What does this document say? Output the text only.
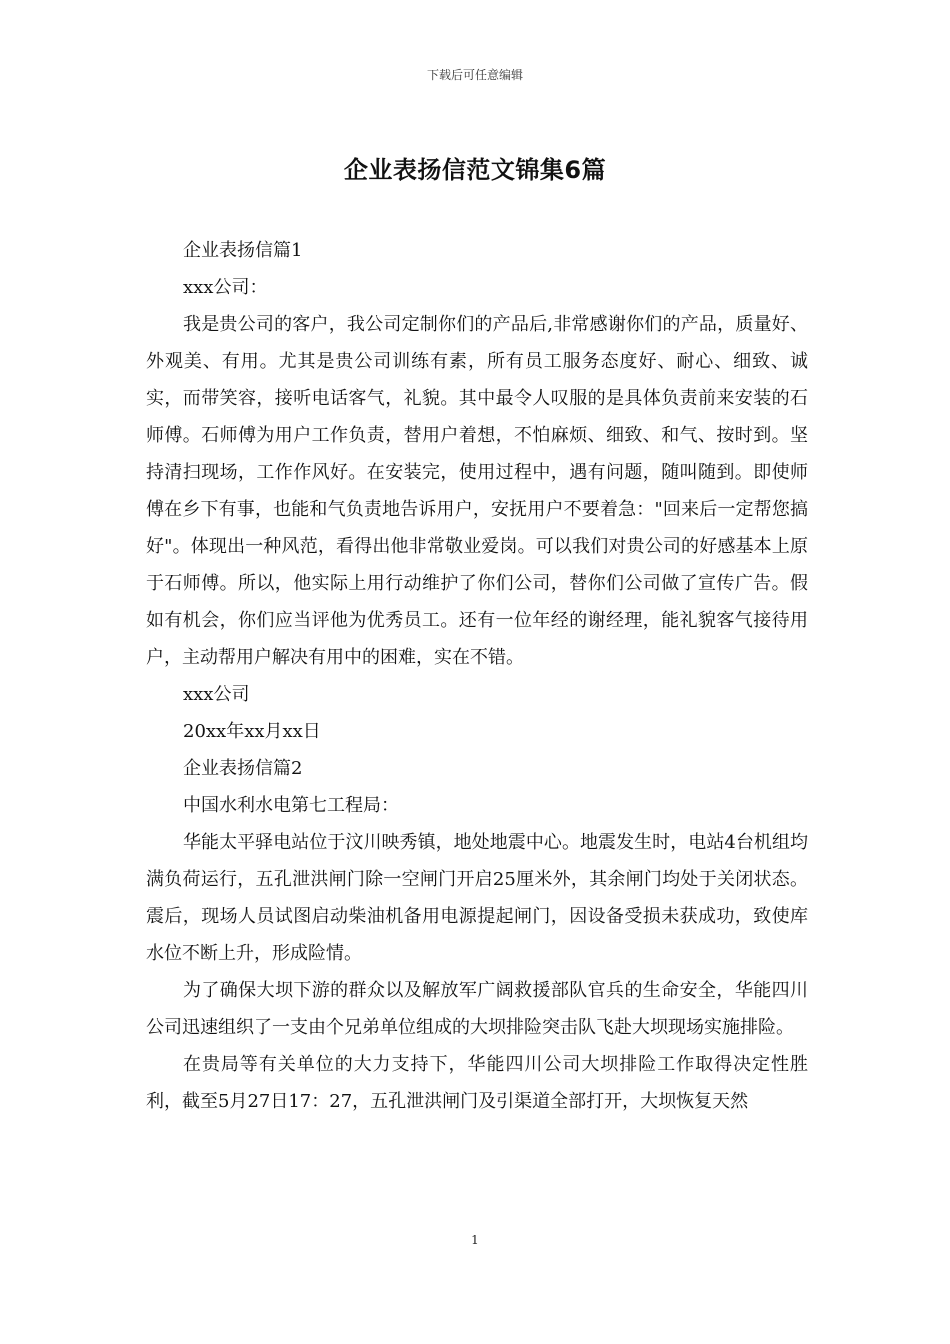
下载后可任意编辑
企业表扬信范文锦集6篇

企业表扬信篇1

xxx公司：

我是贵公司的客户，我公司定制你们的产品后,非常感谢你们的产品，质量好、外观美、有用。尤其是贵公司训练有素，所有员工服务态度好、耐心、细致、诚实，而带笑容，接听电话客气，礼貌。其中最令人叹服的是具体负责前来安装的石师傅。石师傅为用户工作负责，替用户着想，不怕麻烦、细致、和气、按时到。坚持清扫现场，工作作风好。在安装完，使用过程中，遇有问题，随叫随到。即使师傅在乡下有事，也能和气负责地告诉用户，安抚用户不要着急："回来后一定帮您搞好"。体现出一种风范，看得出他非常敬业爱岗。可以我们对贵公司的好感基本上原于石师傅。所以，他实际上用行动维护了你们公司，替你们公司做了宣传广告。假如有机会，你们应当评他为优秀员工。还有一位年经的谢经理，能礼貌客气接待用户，主动帮用户解决有用中的困难，实在不错。

xxx公司

20xx年xx月xx日

企业表扬信篇2

中国水利水电第七工程局：

华能太平驿电站位于汶川映秀镇，地处地震中心。地震发生时，电站4台机组均满负荷运行，五孔泄洪闸门除一空闸门开启25厘米外，其余闸门均处于关闭状态。震后，现场人员试图启动柴油机备用电源提起闸门，因设备受损未获成功，致使库水位不断上升，形成险情。

为了确保大坝下游的群众以及解放军广阔救援部队官兵的生命安全，华能四川公司迅速组织了一支由个兄弟单位组成的大坝排险突击队飞赴大坝现场实施排险。

在贵局等有关单位的大力支持下，华能四川公司大坝排险工作取得决定性胜利，截至5月27日17：27，五孔泄洪闸门及引渠道全部打开，大坝恢复天然

1
